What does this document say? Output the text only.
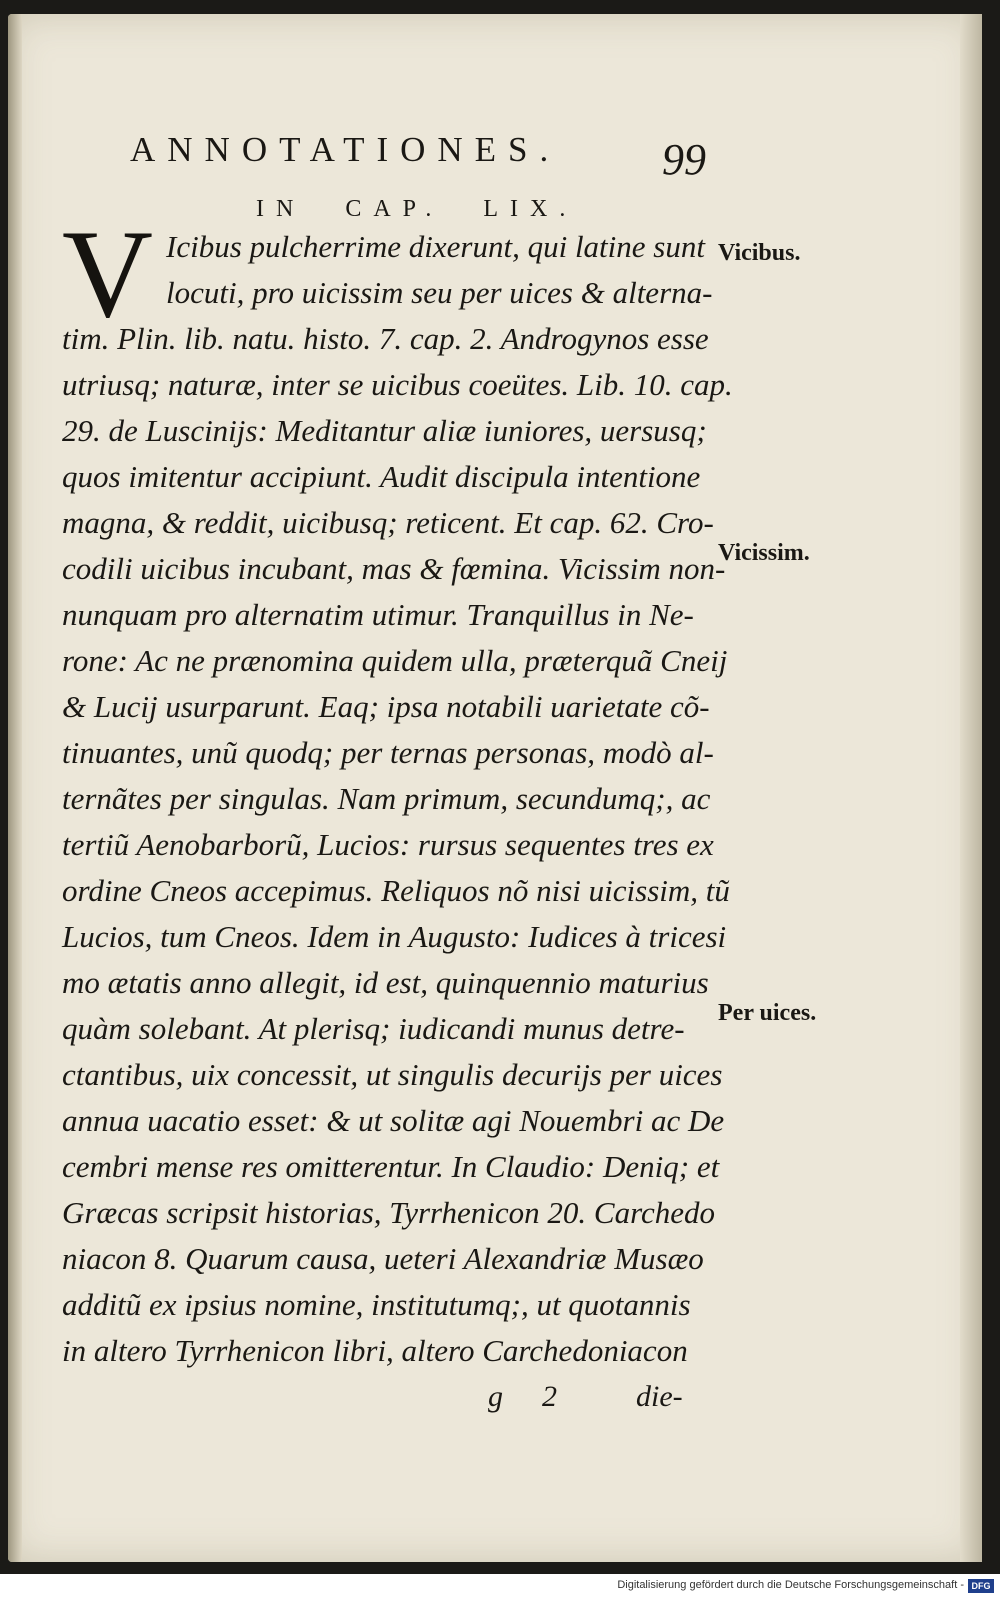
ANNOTATIONES. 99
IN CAP. LIX.
V Icibus pulcherrime dixerunt, qui latine sunt
locuti, pro uicissim seu per uices & alterna-
tim. Plin. lib. natu. histo. 7. cap. 2. Androgynos esse
utriusq; naturæ, inter se uicibus coeütes. Lib. 10. cap.
29. de Luscinijs: Meditantur aliæ iuniores, uersusq;
quos imitentur accipiunt. Audit discipula intentione
magna, & reddit, uicibusq; reticent. Et cap. 62. Cro-
codili uicibus incubant, mas & fœmina. Vicissim non-
nunquam pro alternatim utimur. Tranquillus in Ne-
rone: Ac ne prænomina quidem ulla, præterquã Cneij
& Lucij usurparunt. Eaq; ipsa notabili uarietate cõ-
tinuantes, unũ quodq; per ternas personas, modò al-
ternãtes per singulas. Nam primum, secundumq;, ac
tertiũ Aenobarborũ, Lucios: rursus sequentes tres ex
ordine Cneos accepimus. Reliquos nõ nisi uicissim, tũ
Lucios, tum Cneos. Idem in Augusto: Iudices à tricesi
mo ætatis anno allegit, id est, quinquennio maturius
quàm solebant. At plerisq; iudicandi munus detre-
ctantibus, uix concessit, ut singulis decurijs per uices
annua uacatio esset: & ut solitæ agi Nouembri ac De
cembri mense res omitterentur. In Claudio: Deniq; et
Græcas scripsit historias, Tyrrhenicon 20. Carchedo
niacon 8. Quarum causa, ueteri Alexandriæ Musæo
additũ ex ipsius nomine, institutumq;, ut quotannis
in altero Tyrrhenicon libri, altero Carchedoniacon
Vicibus.
Vicissim.
Per uices.
g 2	die-
Digitalisierung gefördert durch die Deutsche Forschungsgemeinschaft - DFG
